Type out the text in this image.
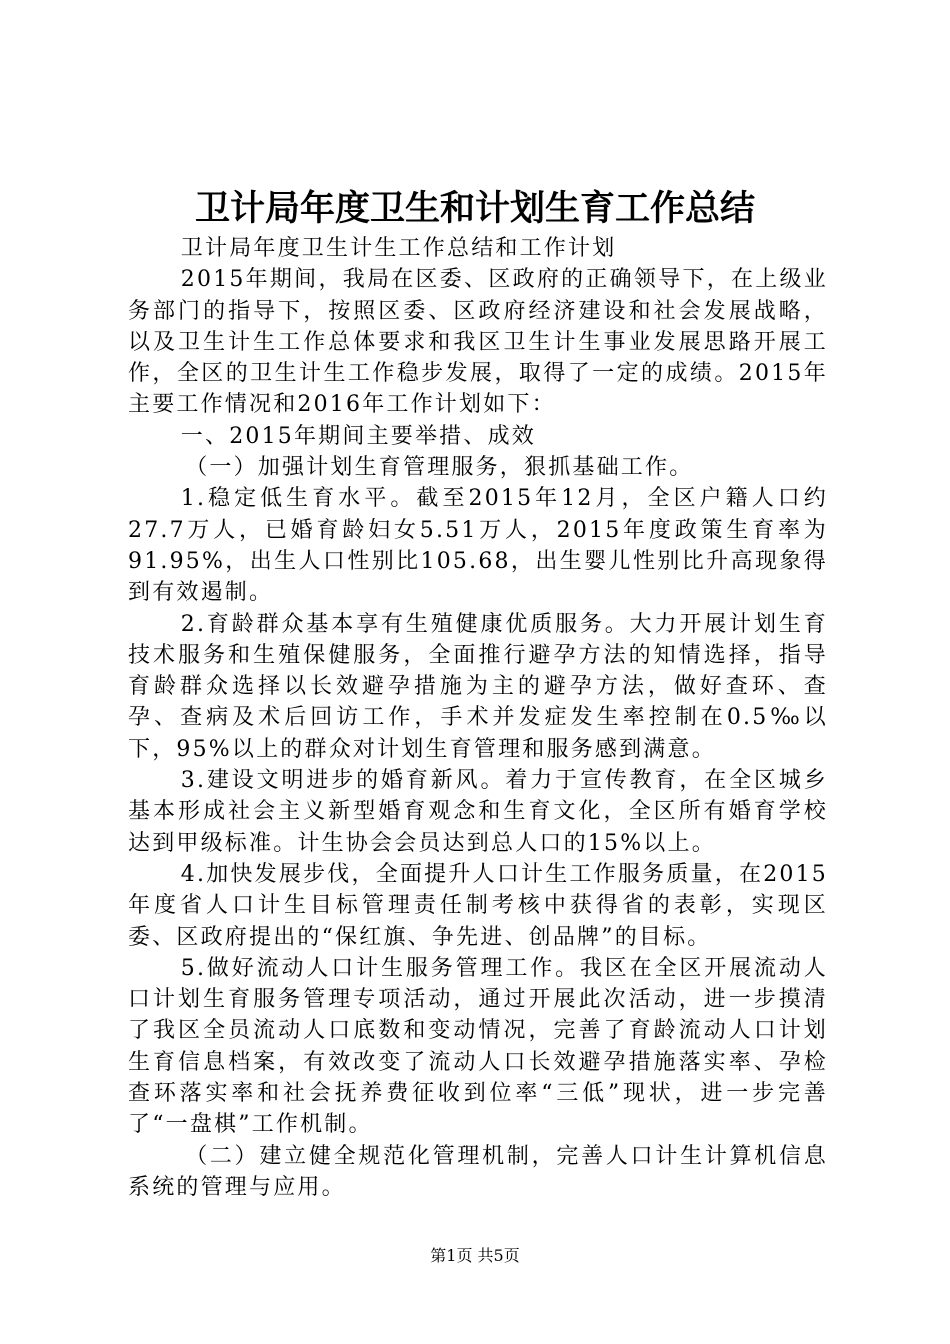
卫计局年度卫生和计划生育工作总结

卫计局年度卫生计生工作总结和工作计划

2015年期间，我局在区委、区政府的正确领导下，在上级业务部门的指导下，按照区委、区政府经济建设和社会发展战略，以及卫生计生工作总体要求和我区卫生计生事业发展思路开展工作，全区的卫生计生工作稳步发展，取得了一定的成绩。2015年主要工作情况和2016年工作计划如下：

一、2015年期间主要举措、成效

（一）加强计划生育管理服务，狠抓基础工作。

1.稳定低生育水平。截至2015年12月，全区户籍人口约27.7万人，已婚育龄妇女5.51万人，2015年度政策生育率为91.95%，出生人口性别比105.68，出生婴儿性别比升高现象得到有效遏制。

2.育龄群众基本享有生殖健康优质服务。大力开展计划生育技术服务和生殖保健服务，全面推行避孕方法的知情选择，指导育龄群众选择以长效避孕措施为主的避孕方法，做好查环、查孕、查病及术后回访工作，手术并发症发生率控制在0.5‰以下，95%以上的群众对计划生育管理和服务感到满意。

3.建设文明进步的婚育新风。着力于宣传教育，在全区城乡基本形成社会主义新型婚育观念和生育文化，全区所有婚育学校达到甲级标准。计生协会会员达到总人口的15%以上。

4.加快发展步伐，全面提升人口计生工作服务质量，在2015年度省人口计生目标管理责任制考核中获得省的表彰，实现区委、区政府提出的“保红旗、争先进、创品牌”的目标。

5.做好流动人口计生服务管理工作。我区在全区开展流动人口计划生育服务管理专项活动，通过开展此次活动，进一步摸清了我区全员流动人口底数和变动情况，完善了育龄流动人口计划生育信息档案，有效改变了流动人口长效避孕措施落实率、孕检查环落实率和社会抚养费征收到位率“三低”现状，进一步完善了“一盘棋”工作机制。

（二）建立健全规范化管理机制，完善人口计生计算机信息系统的管理与应用。

第1页 共5页
